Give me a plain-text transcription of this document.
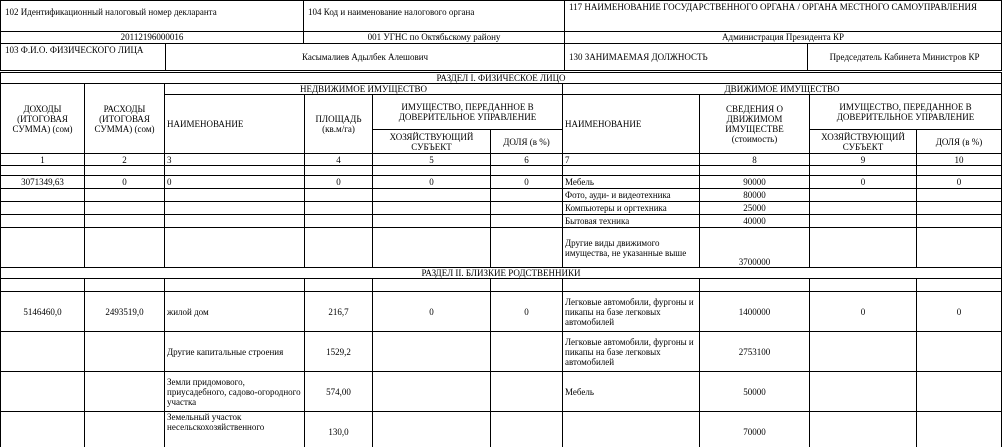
102 Идентификационный налоговый номер декларанта		104 Код и наименование налогового органа	117 НАИМЕНОВАНИЕ ГОСУДАРСТВЕННОГО ОРГАНА / ОРГАНА МЕСТНОГО САМОУПРАВЛЕНИЯ	
20112196000016		001 УГНС по Октябьскому району	Администрация Президента КР	
103 Ф.И.О. ФИЗИЧЕСКОГО ЛИЦА	Касымалиев Адылбек Алешович		130 ЗАНИМАЕМАЯ ДОЛЖНОСТЬ	Председатель Кабинета Министров КР
РАЗДЕЛ I. ФИЗИЧЕСКОЕ ЛИЦО									
ДОХОДЫ (ИТОГОВАЯ СУММА) (сом)	РАСХОДЫ (ИТОГОВАЯ СУММА) (сом)	НЕДВИЖИМОЕ ИМУЩЕСТВО				ДВИЖИМОЕ ИМУЩЕСТВО			
		НАИМЕНОВАНИЕ	ПЛОЩАДЬ (кв.м/га)	ИМУЩЕСТВО, ПЕРЕДАННОЕ В ДОВЕРИТЕЛЬНОЕ УПРАВЛЕНИЕ		НАИМЕНОВАНИЕ	СВЕДЕНИЯ О ДВИЖИМОМ ИМУЩЕСТВЕ (стоимость)	ИМУЩЕСТВО, ПЕРЕДАННОЕ В ДОВЕРИТЕЛЬНОЕ УПРАВЛЕНИЕ	
				ХОЗЯЙСТВУЮЩИЙ СУБЪЕКТ	ДОЛЯ (в %)			ХОЗЯЙСТВУЮЩИЙ СУБЪЕКТ	ДОЛЯ (в %)
1	2	3	4	5	6	7	8	9	10

3071349,63	0	0	0	0	0	Мебель	90000	0	0
						Фото, ауди- и видеотехника	80000		
						Компьютеры и оргтехника	25000		
						Бытовая техника	40000		
						Другие виды движимого имущества, не указанные выше	3700000		
РАЗДЕЛ II. БЛИЗКИЕ РОДСТВЕННИКИ									

5146460,0	2493519,0	жилой дом	216,7	0	0	Легковые автомобили, фургоны и пикапы на базе легковых автомобилей	1400000	0	0
		Другие капитальные строения	1529,2			Легковые автомобили, фургоны и пикапы на базе легковых автомобилей	2753100		
		Земли придомового, приусадебного, садово-огородного участка	574,00			Мебель	50000		
		Земельный участок несельскохозяйственного	130,0				70000		
